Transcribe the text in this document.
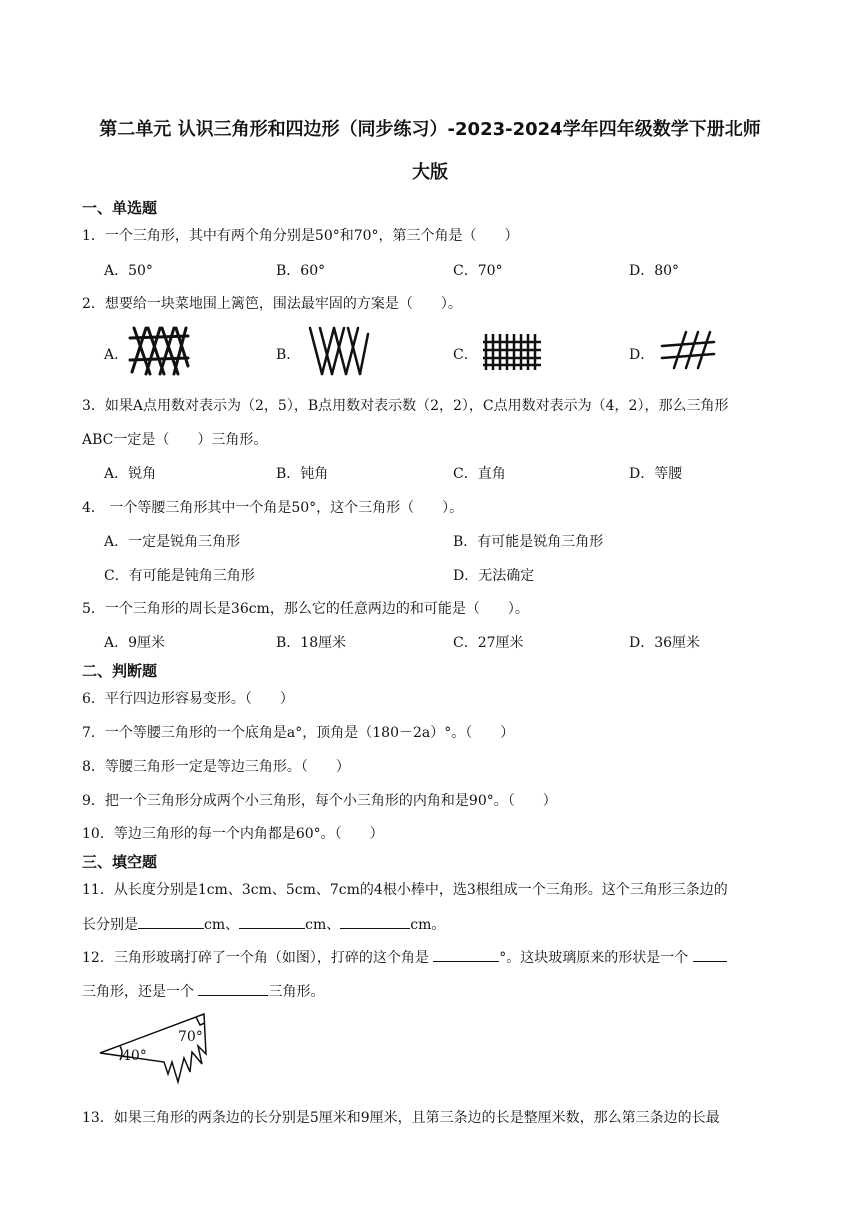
第二单元 认识三角形和四边形（同步练习）-2023-2024学年四年级数学下册北师
大版
一、单选题
1．一个三角形，其中有两个角分别是50°和70°，第三个角是（　　）
A．50°	B．60°	C．70°	D．80°
2．想要给一块菜地围上篱笆，围法最牢固的方案是（　　）。
A．	B．	C．	D．
3．如果A点用数对表示为（2，5），B点用数对表示数（2，2），C点用数对表示为（4，2），那么三角形
ABC一定是（　　）三角形。
A．锐角	B．钝角	C．直角	D．等腰
4． 一个等腰三角形其中一个角是50°，这个三角形（　　）。
A．一定是锐角三角形	B．有可能是锐角三角形
C．有可能是钝角三角形	D．无法确定
5．一个三角形的周长是36cm，那么它的任意两边的和可能是（　　）。
A．9厘米	B．18厘米	C．27厘米	D．36厘米
二、判断题
6．平行四边形容易变形。（　　）
7．一个等腰三角形的一个底角是a°，顶角是（180－2a）°。（　　）
8．等腰三角形一定是等边三角形。（　　）
9．把一个三角形分成两个小三角形，每个小三角形的内角和是90°。（　　）
10．等边三角形的每一个内角都是60°。（　　）
三、填空题
11．从长度分别是1cm、3cm、5cm、7cm的4根小棒中，选3根组成一个三角形。这个三角形三条边的
长分别是	cm、	cm、	cm。
12．三角形玻璃打碎了一个角（如图），打碎的这个角是	°。这块玻璃原来的形状是一个
三角形，还是一个	三角形。
70°
40°
13．如果三角形的两条边的长分别是5厘米和9厘米，且第三条边的长是整厘米数，那么第三条边的长最
